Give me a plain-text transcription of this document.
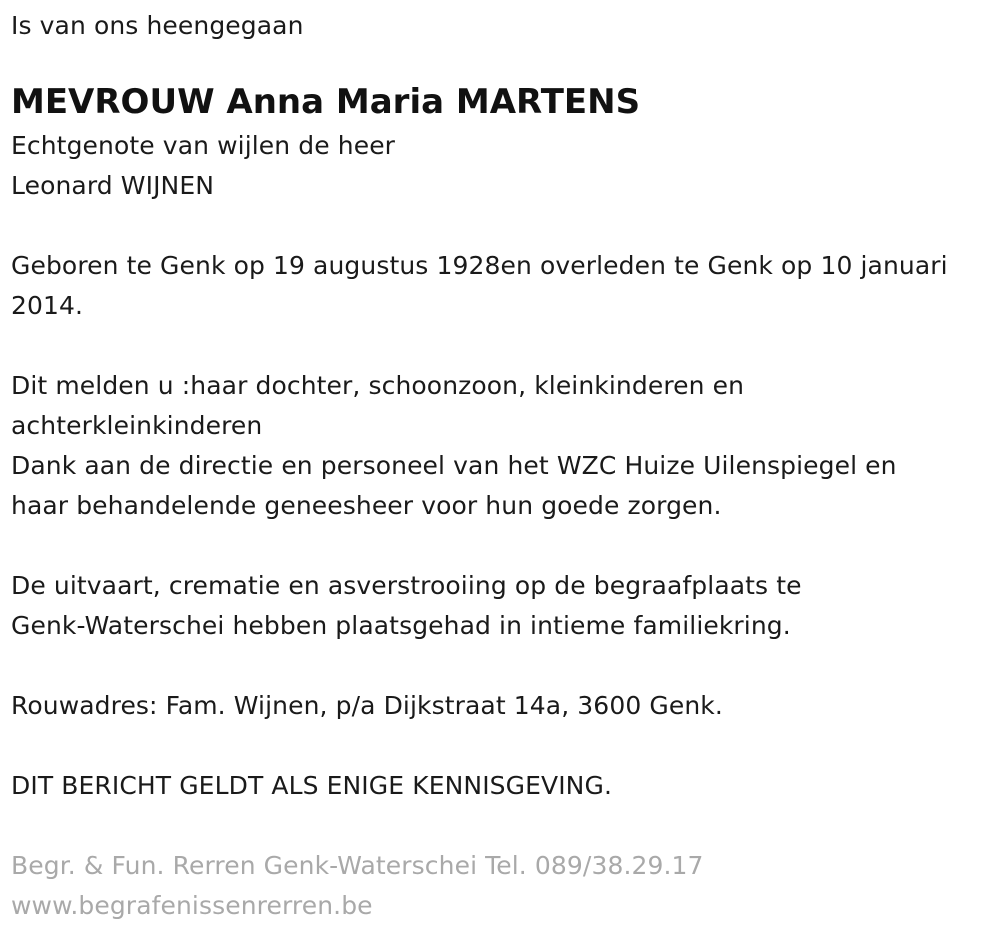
Is van ons heengegaan
MEVROUW Anna Maria MARTENS
Echtgenote van wijlen de heer
Leonard WIJNEN
Geboren te Genk op 19 augustus 1928en overleden te Genk op 10 januari
2014.
Dit melden u :haar dochter, schoonzoon, kleinkinderen en
achterkleinkinderen
Dank aan de directie en personeel van het WZC Huize Uilenspiegel en
haar behandelende geneesheer voor hun goede zorgen.
De uitvaart, crematie en asverstrooiing op de begraafplaats te
Genk-Waterschei hebben plaatsgehad in intieme familiekring.
Rouwadres: Fam. Wijnen, p/a Dijkstraat 14a, 3600 Genk.
DIT BERICHT GELDT ALS ENIGE KENNISGEVING.
Begr. & Fun. Rerren Genk-Waterschei Tel. 089/38.29.17
www.begrafenissenrerren.be
